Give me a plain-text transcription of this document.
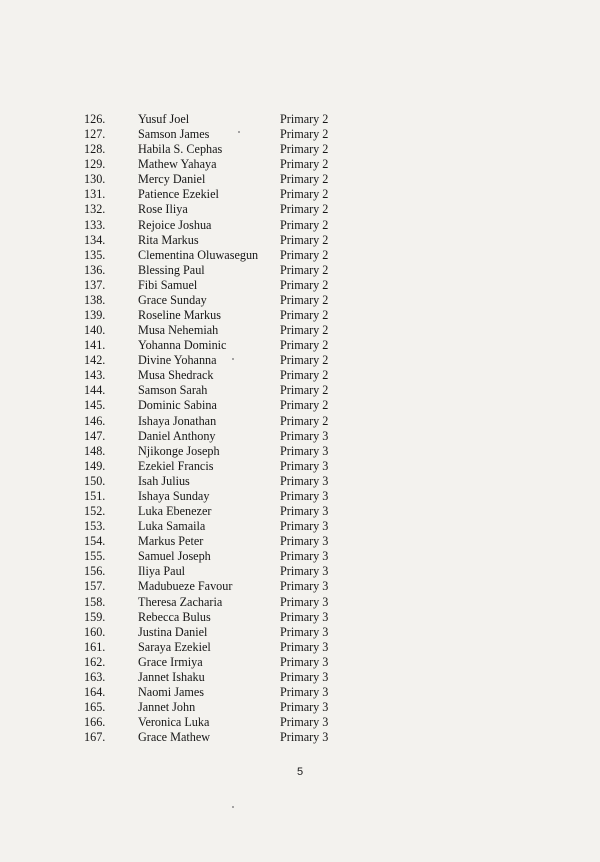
126.	Yusuf Joel	Primary 2
127.	Samson James	Primary 2
128.	Habila S. Cephas	Primary 2
129.	Mathew Yahaya	Primary 2
130.	Mercy Daniel	Primary 2
131.	Patience Ezekiel	Primary 2
132.	Rose Iliya	Primary 2
133.	Rejoice Joshua	Primary 2
134.	Rita Markus	Primary 2
135.	Clementina Oluwasegun Primary 2
136.	Blessing Paul	Primary 2
137.	Fibi Samuel	Primary 2
138.	Grace Sunday	Primary 2
139.	Roseline Markus	Primary 2
140.	Musa Nehemiah	Primary 2
141.	Yohanna Dominic	Primary 2
142.	Divine Yohanna	Primary 2
143.	Musa Shedrack	Primary 2
144.	Samson Sarah	Primary 2
145.	Dominic Sabina	Primary 2
146.	Ishaya Jonathan	Primary 2
147.	Daniel Anthony	Primary 3
148.	Njikonge Joseph	Primary 3
149.	Ezekiel Francis	Primary 3
150.	Isah Julius	Primary 3
151.	Ishaya Sunday	Primary 3
152.	Luka Ebenezer	Primary 3
153.	Luka Samaila	Primary 3
154.	Markus Peter	Primary 3
155.	Samuel Joseph	Primary 3
156.	Iliya Paul	Primary 3
157.	Madubueze Favour	Primary 3
158.	Theresa Zacharia	Primary 3
159.	Rebecca Bulus	Primary 3
160.	Justina Daniel	Primary 3
161.	Saraya Ezekiel	Primary 3
162.	Grace Irmiya	Primary 3
163.	Jannet Ishaku	Primary 3
164.	Naomi James	Primary 3
165.	Jannet John	Primary 3
166.	Veronica Luka	Primary 3
167.	Grace Mathew	Primary 3
5
